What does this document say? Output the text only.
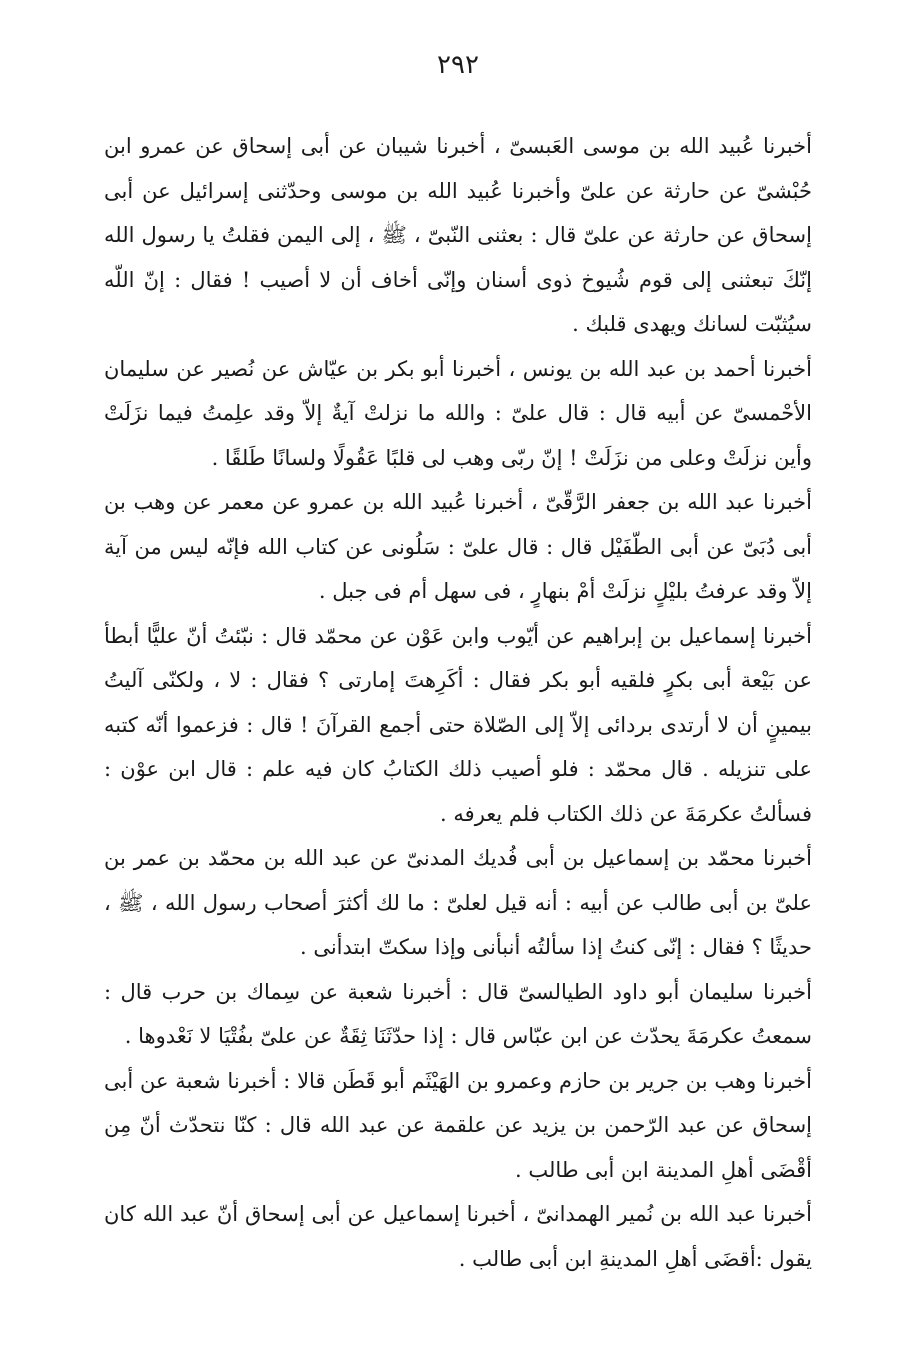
٢٩٢

أخبرنا عُبيد الله بن موسى العَبسىّ ، أخبرنا شيبان عن أبى إسحاق عن عمرو ابن حُبْشىّ عن حارثة عن علىّ وأخبرنا عُبيد الله بن موسى وحدّثنى إسرائيل عن أبى إسحاق عن حارثة عن علىّ قال : بعثنى النّبىّ ، ﷺ ، إلى اليمن فقلتُ يا رسول الله إنّكَ تبعثنى إلى قوم شُيوخ ذوى أسنان وإنّى أخاف أن لا أصيب ! فقال : إنّ اللّه سيُثبّت لسانك ويهدى قلبك .

أخبرنا أحمد بن عبد الله بن يونس ، أخبرنا أبو بكر بن عيّاش عن نُصير عن سليمان الأحْمسىّ عن أبيه قال : قال علىّ : والله ما نزلتْ آيةٌ إلاّ وقد علِمتُ فيما نزَلَتْ وأين نزلَتْ وعلى من نزَلَتْ ! إنّ ربّى وهب لى قلبًا عَقُولًا ولسانًا طَلقًا .

أخبرنا عبد الله بن جعفر الرَّقّىّ ، أخبرنا عُبيد الله بن عمرو عن معمر عن وهب بن أبى دُبَىّ عن أبى الطّفَيْل قال : قال علىّ : سَلُونى عن كتاب الله فإنّه ليس من آية إلاّ وقد عرفتُ بليْلٍ نزلَتْ أمْ بنهارٍ ، فى سهل أم فى جبل .

أخبرنا إسماعيل بن إبراهيم عن أيّوب وابن عَوْن عن محمّد قال : نبّئتُ أنّ عليًّا أبطأ عن بَيْعة أبى بكرٍ فلقيه أبو بكر فقال : أكَرِهتَ إمارتى ؟ فقال : لا ، ولكنّى آليتُ بيمينٍ أن لا أرتدى بردائى إلاّ إلى الصّلاة حتى أجمع القرآنَ ! قال : فزعموا أنّه كتبه على تنزيله . قال محمّد : فلو أصيب ذلك الكتابُ كان فيه علم : قال ابن عوْن : فسألتُ عكرمَةَ عن ذلك الكتاب فلم يعرفه .

أخبرنا محمّد بن إسماعيل بن أبى فُديك المدنىّ عن عبد الله بن محمّد بن عمر بن علىّ بن أبى طالب عن أبيه : أنه قيل لعلىّ : ما لك أكثرَ أصحاب رسول الله ، ﷺ ، حديثًا ؟ فقال : إنّى كنتُ إذا سألتُه أنبأنى وإذا سكتّ ابتدأنى .

أخبرنا سليمان أبو داود الطيالسىّ قال : أخبرنا شعبة عن سِماك بن حرب قال : سمعتُ عكرمَةَ يحدّث عن ابن عبّاس قال : إذا حدّثَنَا ثِقَةٌ عن علىّ بفُتْيَا لا نَعْدوها .

أخبرنا وهب بن جرير بن حازم وعمرو بن الهَيْثَم أبو قَطَن قالا : أخبرنا شعبة عن أبى إسحاق عن عبد الرّحمن بن يزيد عن علقمة عن عبد الله قال : كنّا نتحدّث أنّ مِن أقْضَى أهلِ المدينة ابن أبى طالب .

أخبرنا عبد الله بن نُمير الهمدانىّ ، أخبرنا إسماعيل عن أبى إسحاق أنّ عبد الله كان يقول :أقضَى أهلِ المدينةِ ابن أبى طالب .
